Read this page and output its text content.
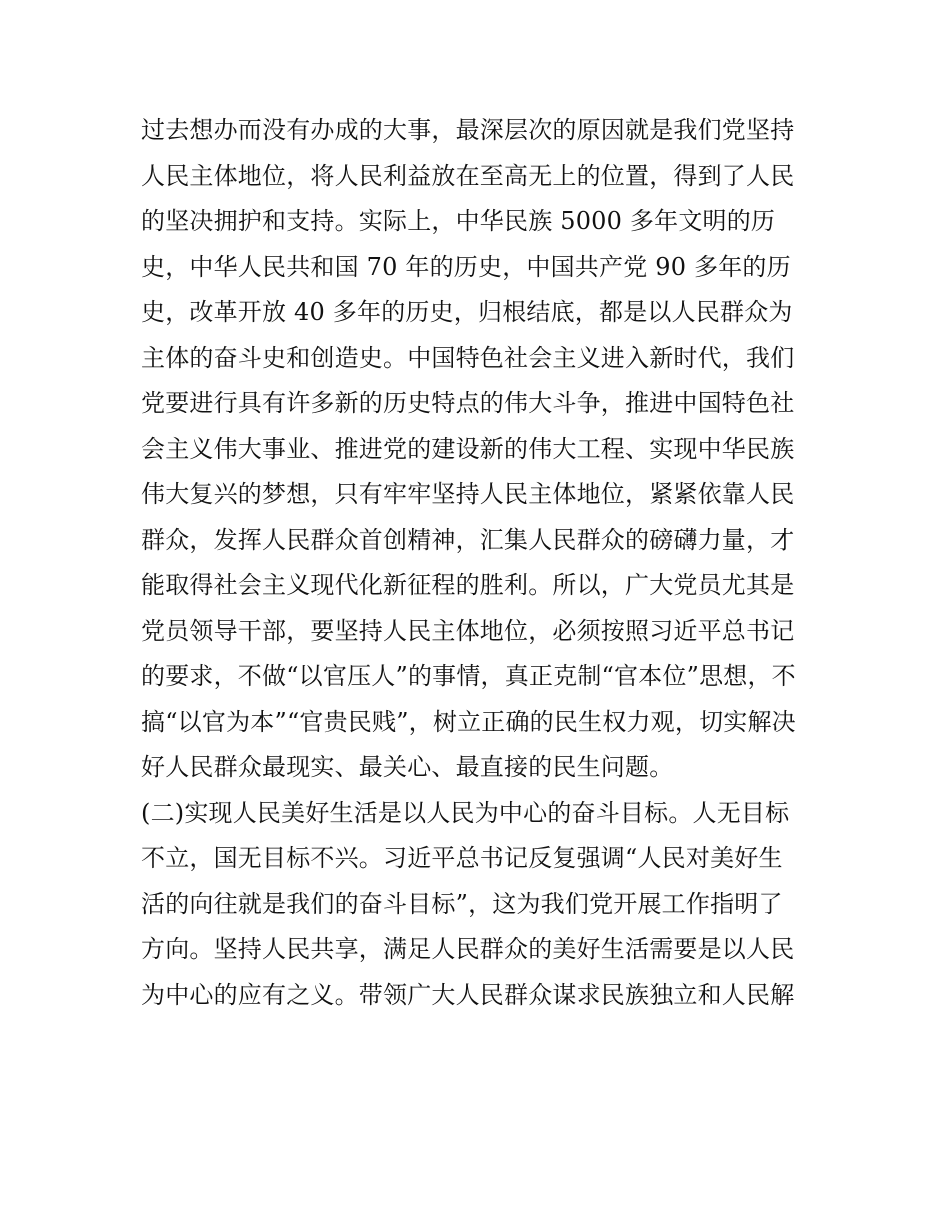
过去想办而没有办成的大事，最深层次的原因就是我们党坚持
人民主体地位，将人民利益放在至高无上的位置，得到了人民
的坚决拥护和支持。实际上，中华民族 5000 多年文明的历
史，中华人民共和国 70 年的历史，中国共产党 90 多年的历
史，改革开放 40 多年的历史，归根结底，都是以人民群众为
主体的奋斗史和创造史。中国特色社会主义进入新时代，我们
党要进行具有许多新的历史特点的伟大斗争，推进中国特色社
会主义伟大事业、推进党的建设新的伟大工程、实现中华民族
伟大复兴的梦想，只有牢牢坚持人民主体地位，紧紧依靠人民
群众，发挥人民群众首创精神，汇集人民群众的磅礴力量，才
能取得社会主义现代化新征程的胜利。所以，广大党员尤其是
党员领导干部，要坚持人民主体地位，必须按照习近平总书记
的要求，不做“以官压人”的事情，真正克制“官本位”思想，不
搞“以官为本”“官贵民贱”，树立正确的民生权力观，切实解决
好人民群众最现实、最关心、最直接的民生问题。
(二)实现人民美好生活是以人民为中心的奋斗目标。人无目标
不立，国无目标不兴。习近平总书记反复强调“人民对美好生
活的向往就是我们的奋斗目标”，这为我们党开展工作指明了
方向。坚持人民共享，满足人民群众的美好生活需要是以人民
为中心的应有之义。带领广大人民群众谋求民族独立和人民解
